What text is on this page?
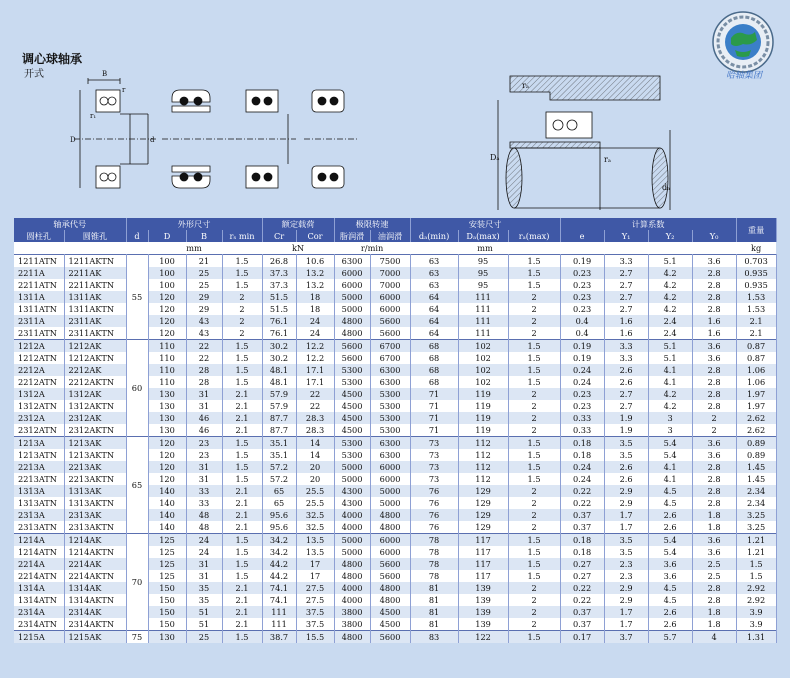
调心球轴承
开式	哈轴集团
B
r
r₁
D	d
Dₐ
dₐ
rₐ
rₐ
轴承代号		外形尺寸				额定载荷		极限转速		安装尺寸			计算系数				重量
圆柱孔	圆锥孔	d	D	B	rₛ min	Cr	Cor	脂润滑	油润滑	dₐ(min)	Dₐ(max)	rₐ(max)	e	Y₁	Y₂	Y₀	
		mm				kN		r/min		mm							kg
1211ATN	1211AKTN	55	100	21	1.5	26.8	10.6	6300	7500	63	95	1.5	0.19	3.3	5.1	3.6	0.703
2211A	2211AK		100	25	1.5	37.3	13.2	6000	7000	63	95	1.5	0.23	2.7	4.2	2.8	0.935
2211ATN	2211AKTN		100	25	1.5	37.3	13.2	6000	7000	63	95	1.5	0.23	2.7	4.2	2.8	0.935
1311A	1311AK		120	29	2	51.5	18	5000	6000	64	111	2	0.23	2.7	4.2	2.8	1.53
1311ATN	1311AKTN		120	29	2	51.5	18	5000	6000	64	111	2	0.23	2.7	4.2	2.8	1.53
2311A	2311AK		120	43	2	76.1	24	4800	5600	64	111	2	0.4	1.6	2.4	1.6	2.1
2311ATN	2311AKTN		120	43	2	76.1	24	4800	5600	64	111	2	0.4	1.6	2.4	1.6	2.1
1212A	1212AK	60	110	22	1.5	30.2	12.2	5600	6700	68	102	1.5	0.19	3.3	5.1	3.6	0.87
1212ATN	1212AKTN		110	22	1.5	30.2	12.2	5600	6700	68	102	1.5	0.19	3.3	5.1	3.6	0.87
2212A	2212AK		110	28	1.5	48.1	17.1	5300	6300	68	102	1.5	0.24	2.6	4.1	2.8	1.06
2212ATN	2212AKTN		110	28	1.5	48.1	17.1	5300	6300	68	102	1.5	0.24	2.6	4.1	2.8	1.06
1312A	1312AK		130	31	2.1	57.9	22	4500	5300	71	119	2	0.23	2.7	4.2	2.8	1.97
1312ATN	1312AKTN		130	31	2.1	57.9	22	4500	5300	71	119	2	0.23	2.7	4.2	2.8	1.97
2312A	2312AK		130	46	2.1	87.7	28.3	4500	5300	71	119	2	0.33	1.9	3	2	2.62
2312ATN	2312AKTN		130	46	2.1	87.7	28.3	4500	5300	71	119	2	0.33	1.9	3	2	2.62
1213A	1213AK	65	120	23	1.5	35.1	14	5300	6300	73	112	1.5	0.18	3.5	5.4	3.6	0.89
1213ATN	1213AKTN		120	23	1.5	35.1	14	5300	6300	73	112	1.5	0.18	3.5	5.4	3.6	0.89
2213A	2213AK		120	31	1.5	57.2	20	5000	6000	73	112	1.5	0.24	2.6	4.1	2.8	1.45
2213ATN	2213AKTN		120	31	1.5	57.2	20	5000	6000	73	112	1.5	0.24	2.6	4.1	2.8	1.45
1313A	1313AK		140	33	2.1	65	25.5	4300	5000	76	129	2	0.22	2.9	4.5	2.8	2.34
1313ATN	1313AKTN		140	33	2.1	65	25.5	4300	5000	76	129	2	0.22	2.9	4.5	2.8	2.34
2313A	2313AK		140	48	2.1	95.6	32.5	4000	4800	76	129	2	0.37	1.7	2.6	1.8	3.25
2313ATN	2313AKTN		140	48	2.1	95.6	32.5	4000	4800	76	129	2	0.37	1.7	2.6	1.8	3.25
1214A	1214AK	70	125	24	1.5	34.2	13.5	5000	6000	78	117	1.5	0.18	3.5	5.4	3.6	1.21
1214ATN	1214AKTN		125	24	1.5	34.2	13.5	5000	6000	78	117	1.5	0.18	3.5	5.4	3.6	1.21
2214A	2214AK		125	31	1.5	44.2	17	4800	5600	78	117	1.5	0.27	2.3	3.6	2.5	1.5
2214ATN	2214AKTN		125	31	1.5	44.2	17	4800	5600	78	117	1.5	0.27	2.3	3.6	2.5	1.5
1314A	1314AK		150	35	2.1	74.1	27.5	4000	4800	81	139	2	0.22	2.9	4.5	2.8	2.92
1314ATN	1314AKTN		150	35	2.1	74.1	27.5	4000	4800	81	139	2	0.22	2.9	4.5	2.8	2.92
2314A	2314AK		150	51	2.1	111	37.5	3800	4500	81	139	2	0.37	1.7	2.6	1.8	3.9
2314ATN	2314AKTN		150	51	2.1	111	37.5	3800	4500	81	139	2	0.37	1.7	2.6	1.8	3.9
1215A	1215AK	75	130	25	1.5	38.7	15.5	4800	5600	83	122	1.5	0.17	3.7	5.7	4	1.31
